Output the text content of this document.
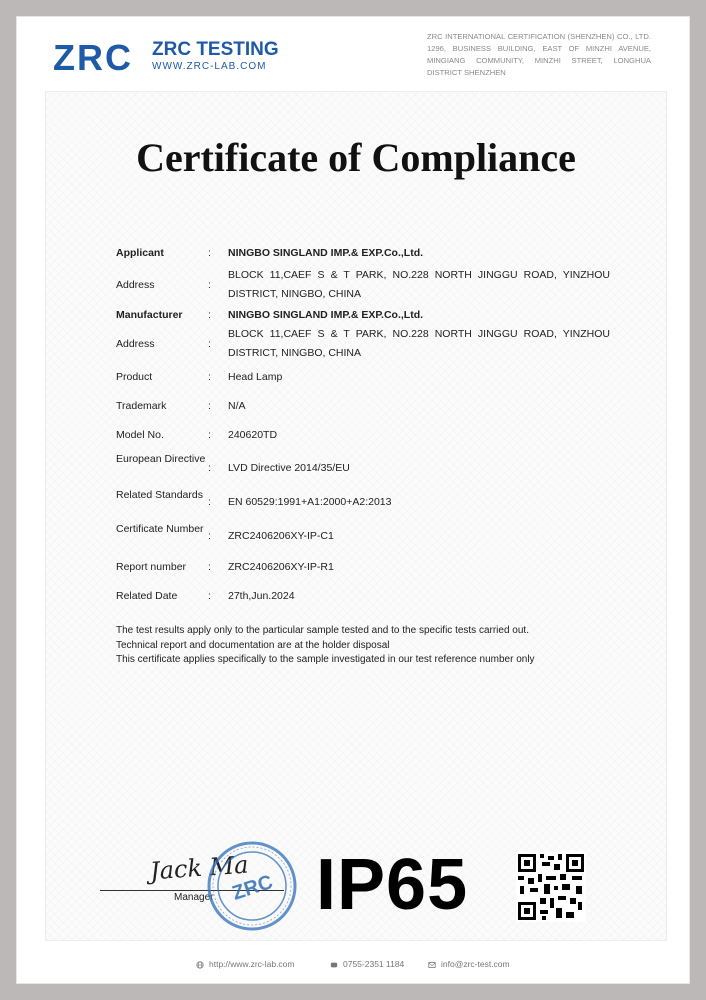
ZRC ZRC TESTING
WWW.ZRC-LAB.COM
ZRC INTERNATIONAL CERTIFICATION (SHENZHEN) CO., LTD. 1296, BUSINESS BUILDING, EAST OF MINZHI AVENUE, MINGIANG COMMUNITY, MINZHI STREET, LONGHUA DISTRICT SHENZHEN
Certificate of Compliance
Applicant	: NINGBO SINGLAND IMP.& EXP.Co.,Ltd.
Address	:
BLOCK 11,CAEF S & T PARK, NO.228 NORTH JINGGU ROAD, YINZHOU DISTRICT, NINGBO, CHINA
Manufacturer	: NINGBO SINGLAND IMP.& EXP.Co.,Ltd.
Address	:
BLOCK 11,CAEF S & T PARK, NO.228 NORTH JINGGU ROAD, YINZHOU DISTRICT, NINGBO, CHINA
Product	: Head Lamp
Trademark	: N/A
Model No.	: 240620TD
European Directive
: LVD Directive 2014/35/EU
Related Standards
: EN 60529:1991+A1:2000+A2:2013
Certificate Number
: ZRC2406206XY-IP-C1
Report number	: ZRC2406206XY-IP-R1
Related Date	: 27th,Jun.2024
The test results apply only to the particular sample tested and to the specific tests carried out.
Technical report and documentation are at the holder disposal
This certificate applies specifically to the sample investigated in our test reference number only
Jack Ma
Manager ZRC IP65
http://www.zrc-lab.com	0755-2351 1184	info@zrc-test.com
